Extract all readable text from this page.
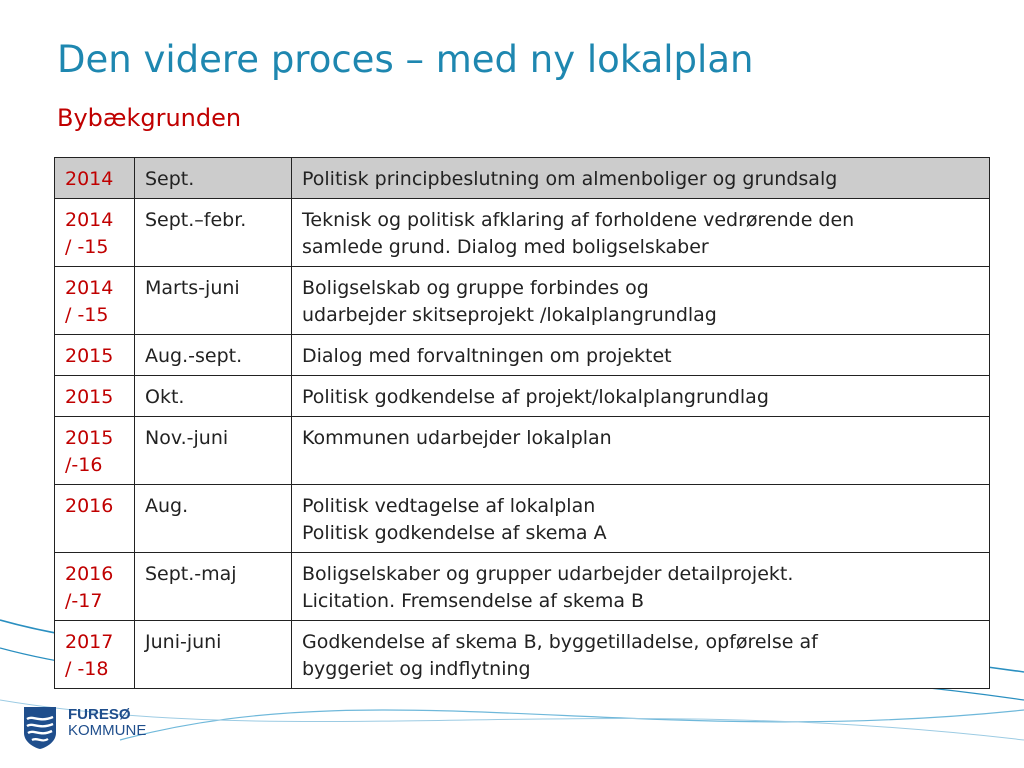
Den videre proces – med ny lokalplan
Bybækgrunden
2014	Sept.	Politisk principbeslutning om almenboliger og grundsalg

2014 / -15	Sept.–febr.	Teknisk og politisk afklaring af forholdene vedrørende den
samlede grund. Dialog med boligselskaber

2014 / -15	Marts-juni	Boligselskab og gruppe forbindes og
udarbejder skitseprojekt /lokalplangrundlag

2015	Aug.-sept.	Dialog med forvaltningen om projektet

2015	Okt.	Politisk godkendelse af projekt/lokalplangrundlag

2015 /-16	Nov.-juni	Kommunen udarbejder lokalplan

2016	Aug.	Politisk vedtagelse af lokalplan
Politisk godkendelse af skema A

2016 /-17	Sept.-maj	Boligselskaber og grupper udarbejder detailprojekt.
Licitation. Fremsendelse af skema B

2017 / -18	Juni-juni	Godkendelse af skema B, byggetilladelse, opførelse af
byggeriet og indflytning
FURESØ
KOMMUNE
